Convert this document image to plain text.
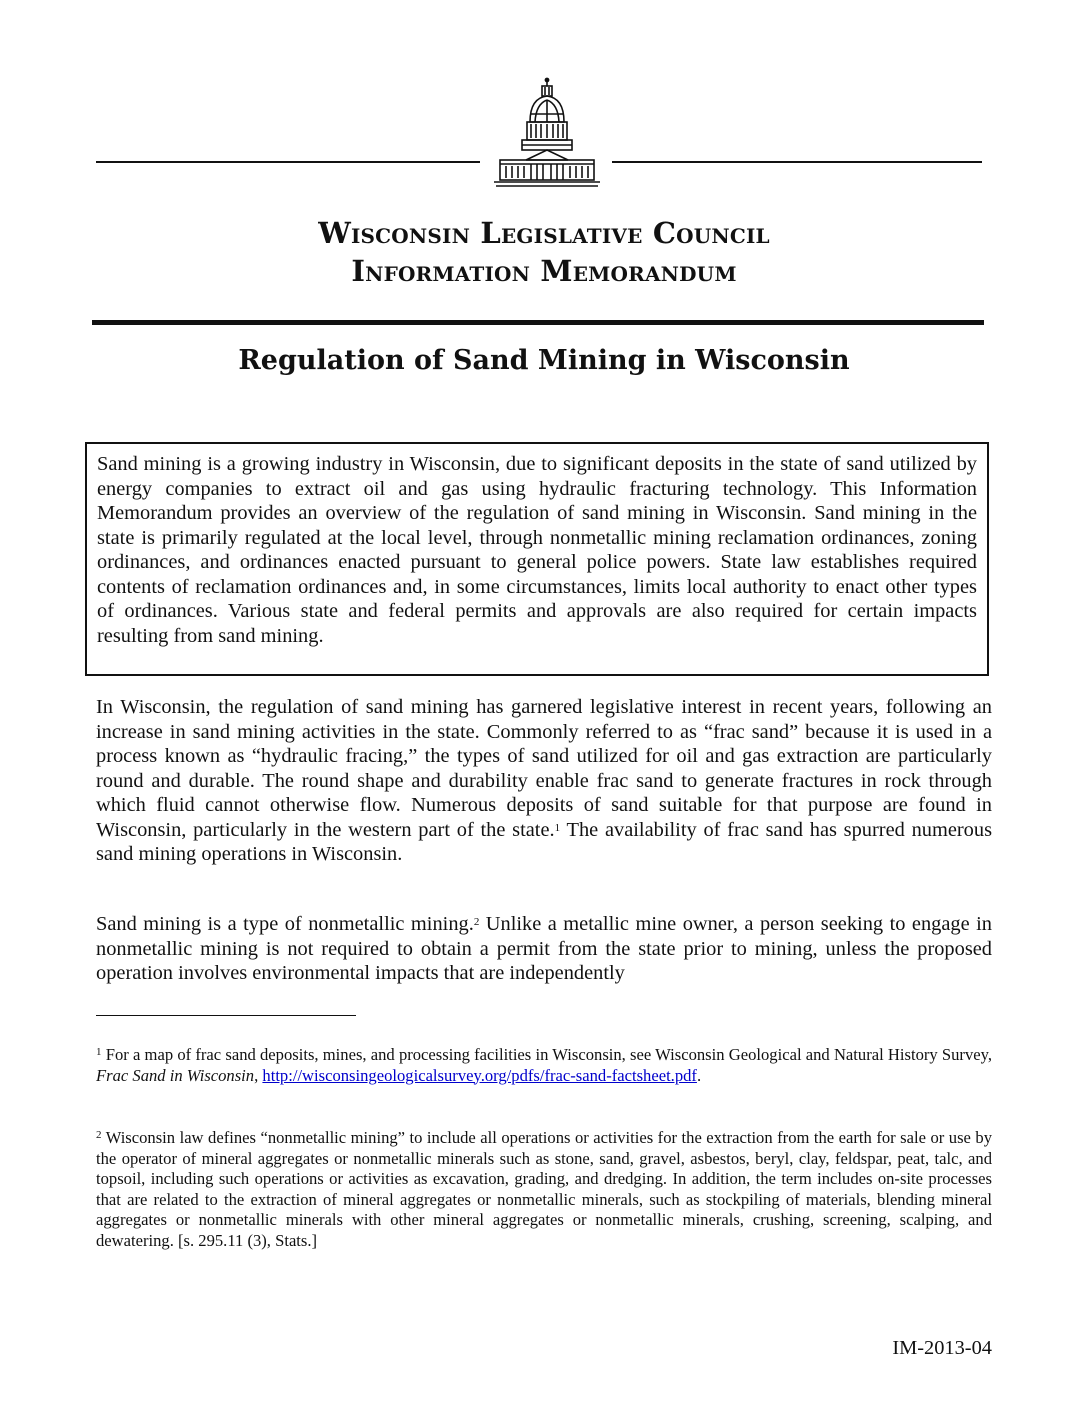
Wisconsin Legislative Council
Information Memorandum
Regulation of Sand Mining in Wisconsin

Sand mining is a growing industry in Wisconsin, due to significant deposits in the state of sand utilized by energy companies to extract oil and gas using hydraulic fracturing technology. This Information Memorandum provides an overview of the regulation of sand mining in Wisconsin. Sand mining in the state is primarily regulated at the local level, through nonmetallic mining reclamation ordinances, zoning ordinances, and ordinances enacted pursuant to general police powers. State law establishes required contents of reclamation ordinances and, in some circumstances, limits local authority to enact other types of ordinances. Various state and federal permits and approvals are also required for certain impacts resulting from sand mining.

In Wisconsin, the regulation of sand mining has garnered legislative interest in recent years, following an increase in sand mining activities in the state. Commonly referred to as “frac sand” because it is used in a process known as “hydraulic fracing,” the types of sand utilized for oil and gas extraction are particularly round and durable. The round shape and durability enable frac sand to generate fractures in rock through which fluid cannot otherwise flow. Numerous deposits of sand suitable for that purpose are found in Wisconsin, particularly in the western part of the state.$^1$ The availability of frac sand has spurred numerous sand mining operations in Wisconsin.

Sand mining is a type of nonmetallic mining.$^2$ Unlike a metallic mine owner, a person seeking to engage in nonmetallic mining is not required to obtain a permit from the state prior to mining, unless the proposed operation involves environmental impacts that are independently

$^1$ For a map of frac sand deposits, mines, and processing facilities in Wisconsin, see Wisconsin Geological and Natural History Survey, Frac Sand in Wisconsin, http://wisconsingeologicalsurvey.org/pdfs/frac-sand-factsheet.pdf.

$^2$ Wisconsin law defines “nonmetallic mining” to include all operations or activities for the extraction from the earth for sale or use by the operator of mineral aggregates or nonmetallic minerals such as stone, sand, gravel, asbestos, beryl, clay, feldspar, peat, talc, and topsoil, including such operations or activities as excavation, grading, and dredging. In addition, the term includes on-site processes that are related to the extraction of mineral aggregates or nonmetallic minerals, such as stockpiling of materials, blending mineral aggregates or nonmetallic minerals with other mineral aggregates or nonmetallic minerals, crushing, screening, scalping, and dewatering. [s. 295.11 (3), Stats.]

IM-2013-04
